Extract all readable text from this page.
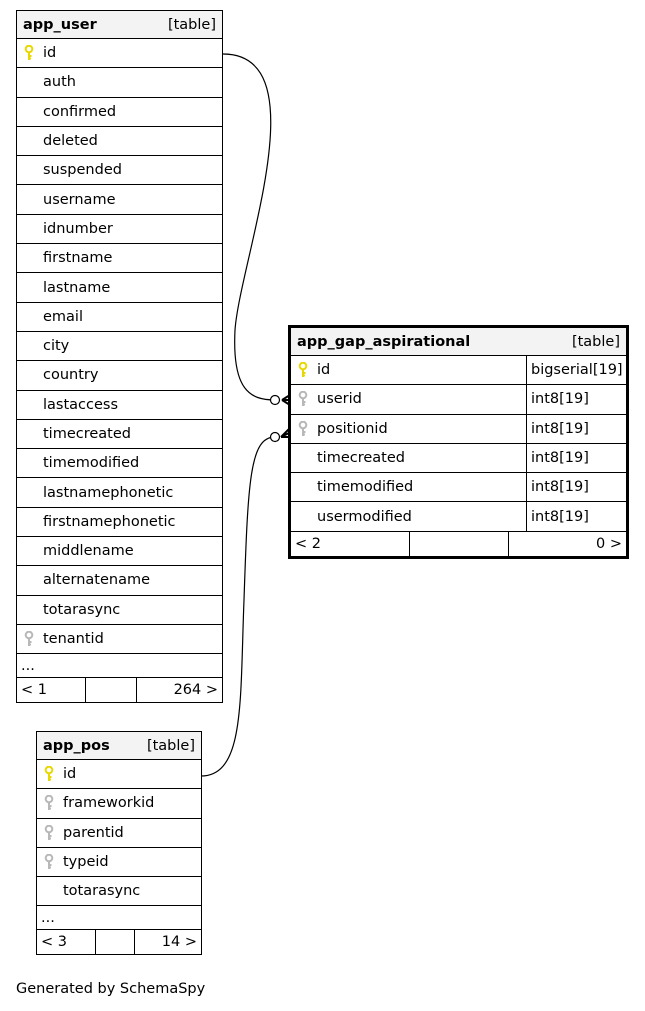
app_user	[table]
id
auth
confirmed
deleted
suspended
username
idnumber
firstname
lastname
email
city
country
lastaccess
timecreated
timemodified
lastnamephonetic
firstnamephonetic
middlename
alternatename
totarasync
tenantid
...
< 1	264 >
app_gap_aspirational	[table]
id	bigserial[19]
userid	int8[19]
positionid	int8[19]
timecreated	int8[19]
timemodified	int8[19]
usermodified	int8[19]
< 2	0 >
app_pos	[table]
id
frameworkid
parentid
typeid
totarasync
...
< 3	14 >
Generated by SchemaSpy
